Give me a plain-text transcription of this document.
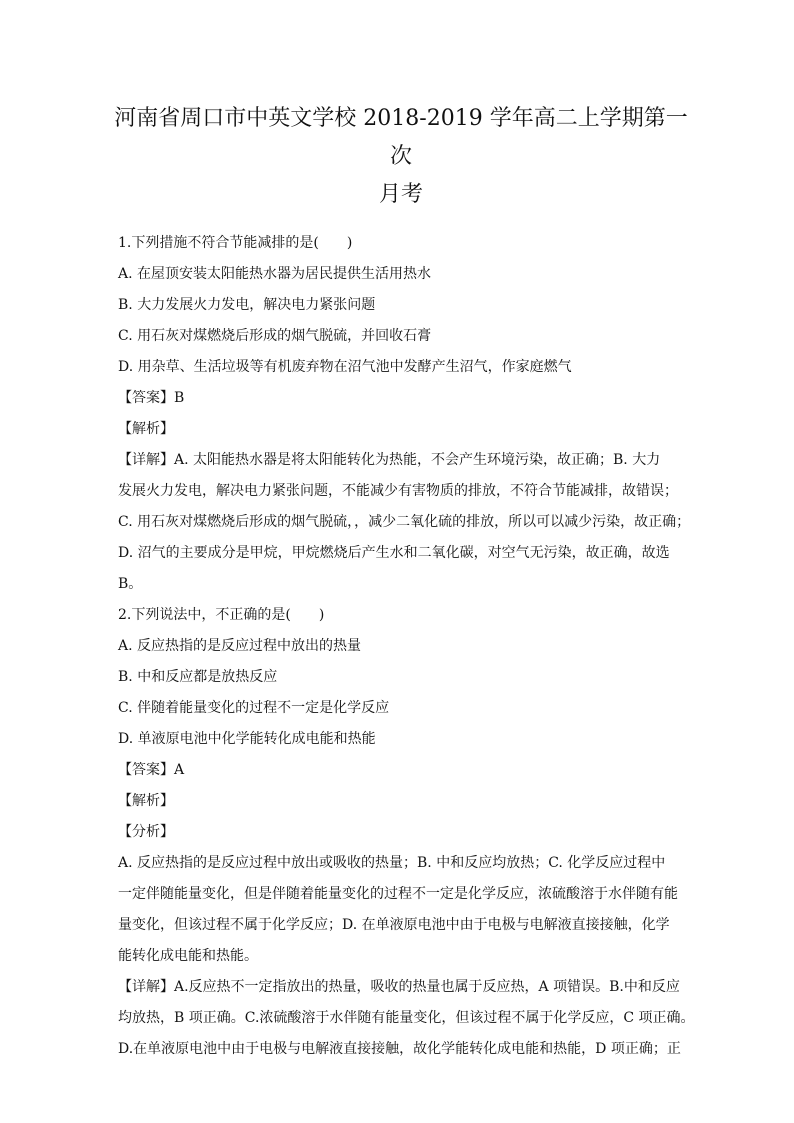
河南省周口市中英文学校 2018-2019 学年高二上学期第一次
月考
1.下列措施不符合节能减排的是(　　)
A. 在屋顶安装太阳能热水器为居民提供生活用热水
B. 大力发展火力发电，解决电力紧张问题
C. 用石灰对煤燃烧后形成的烟气脱硫，并回收石膏
D. 用杂草、生活垃圾等有机废弃物在沼气池中发酵产生沼气，作家庭燃气
【答案】B
【解析】
【详解】A. 太阳能热水器是将太阳能转化为热能，不会产生环境污染，故正确；B. 大力
发展火力发电，解决电力紧张问题，不能减少有害物质的排放，不符合节能减排，故错误；
C. 用石灰对煤燃烧后形成的烟气脱硫，，减少二氧化硫的排放，所以可以减少污染，故正确；
D. 沼气的主要成分是甲烷，甲烷燃烧后产生水和二氧化碳，对空气无污染，故正确，故选
B。
2.下列说法中，不正确的是(　　)
A. 反应热指的是反应过程中放出的热量
B. 中和反应都是放热反应
C. 伴随着能量变化的过程不一定是化学反应
D. 单液原电池中化学能转化成电能和热能
【答案】A
【解析】
【分析】
A. 反应热指的是反应过程中放出或吸收的热量；B. 中和反应均放热；C. 化学反应过程中
一定伴随能量变化，但是伴随着能量变化的过程不一定是化学反应，浓硫酸溶于水伴随有能
量变化，但该过程不属于化学反应；D. 在单液原电池中由于电极与电解液直接接触，化学
能转化成电能和热能。
【详解】A.反应热不一定指放出的热量，吸收的热量也属于反应热，A 项错误。B.中和反应
均放热，B 项正确。C.浓硫酸溶于水伴随有能量变化，但该过程不属于化学反应，C 项正确。
D.在单液原电池中由于电极与电解液直接接触，故化学能转化成电能和热能，D 项正确；正
